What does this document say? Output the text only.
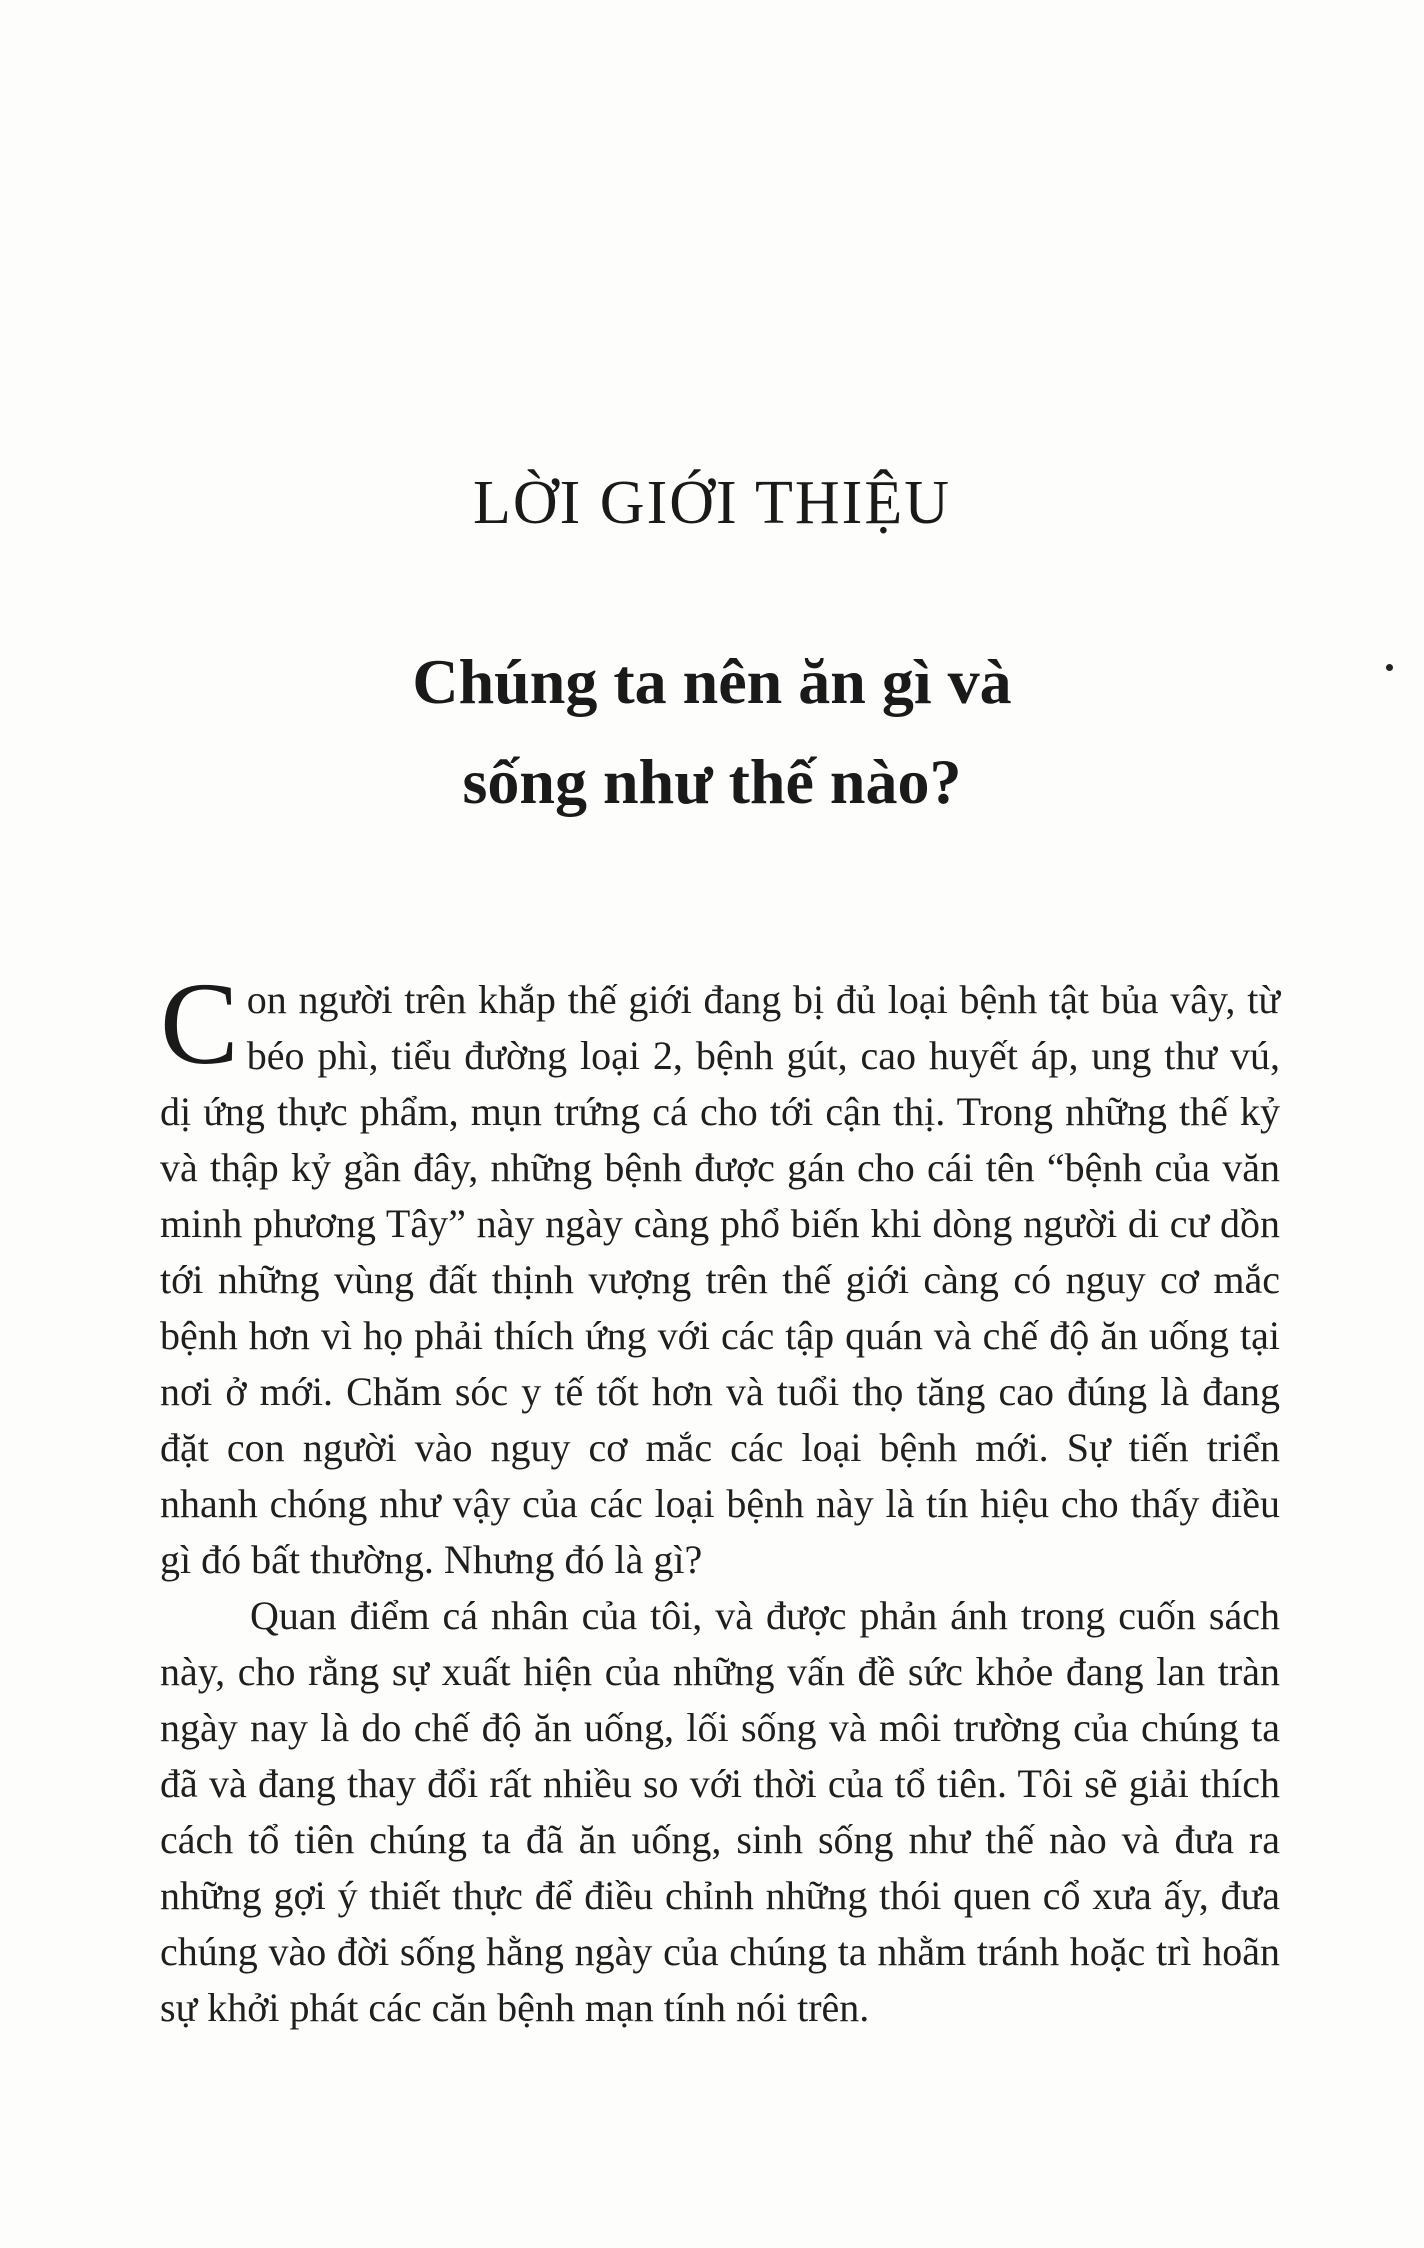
LỜI GIỚI THIỆU
Chúng ta nên ăn gì và
sống như thế nào?

Con người trên khắp thế giới đang bị đủ loại bệnh tật bủa vây, từ béo phì, tiểu đường loại 2, bệnh gút, cao huyết áp, ung thư vú, dị ứng thực phẩm, mụn trứng cá cho tới cận thị. Trong những thế kỷ và thập kỷ gần đây, những bệnh được gán cho cái tên “bệnh của văn minh phương Tây” này ngày càng phổ biến khi dòng người di cư dồn tới những vùng đất thịnh vượng trên thế giới càng có nguy cơ mắc bệnh hơn vì họ phải thích ứng với các tập quán và chế độ ăn uống tại nơi ở mới. Chăm sóc y tế tốt hơn và tuổi thọ tăng cao đúng là đang đặt con người vào nguy cơ mắc các loại bệnh mới. Sự tiến triển nhanh chóng như vậy của các loại bệnh này là tín hiệu cho thấy điều gì đó bất thường. Nhưng đó là gì?

Quan điểm cá nhân của tôi, và được phản ánh trong cuốn sách này, cho rằng sự xuất hiện của những vấn đề sức khỏe đang lan tràn ngày nay là do chế độ ăn uống, lối sống và môi trường của chúng ta đã và đang thay đổi rất nhiều so với thời của tổ tiên. Tôi sẽ giải thích cách tổ tiên chúng ta đã ăn uống, sinh sống như thế nào và đưa ra những gợi ý thiết thực để điều chỉnh những thói quen cổ xưa ấy, đưa chúng vào đời sống hằng ngày của chúng ta nhằm tránh hoặc trì hoãn sự khởi phát các căn bệnh mạn tính nói trên.
